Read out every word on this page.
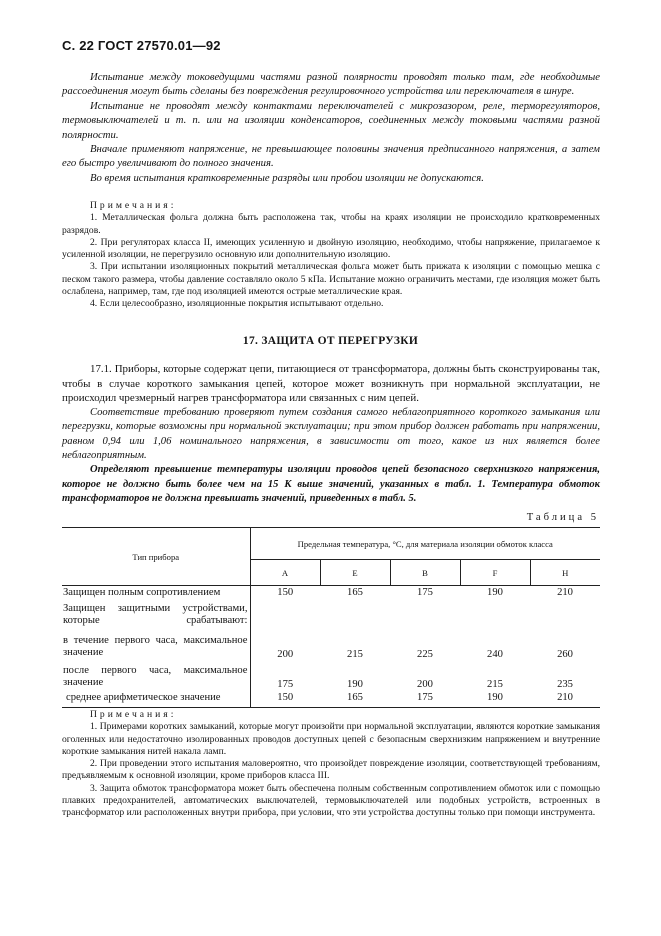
С. 22 ГОСТ 27570.01—92

Испытание между токоведущими частями разной полярности проводят только там, где необходимые рассоединения могут быть сделаны без повреждения регулировочного устройства или переключателя в шнуре.

Испытание не проводят между контактами переключателей с микрозазором, реле, терморегуляторов, термовыключателей и т. п. или на изоляции конденсаторов, соединенных между токовыми частями разной полярности.

Вначале применяют напряжение, не превышающее половины значения предписанного напряжения, а затем его быстро увеличивают до полного значения.

Во время испытания кратковременные разряды или пробои изоляции не допускаются.

Примечания:

1. Металлическая фольга должна быть расположена так, чтобы на краях изоляции не происходило кратковременных разрядов.

2. При регуляторах класса II, имеющих усиленную и двойную изоляцию, необходимо, чтобы напряжение, прилагаемое к усиленной изоляции, не перегрузило основную или дополнительную изоляцию.

3. При испытании изоляционных покрытий металлическая фольга может быть прижата к изоляции с помощью мешка с песком такого размера, чтобы давление составляло около 5 кПа. Испытание можно ограничить местами, где изоляция может быть ослаблена, например, там, где под изоляцией имеются острые металлические края.

4. Если целесообразно, изоляционные покрытия испытывают отдельно.

17. ЗАЩИТА ОТ ПЕРЕГРУЗКИ

17.1. Приборы, которые содержат цепи, питающиеся от трансформатора, должны быть сконструированы так, чтобы в случае короткого замыкания цепей, которое может возникнуть при нормальной эксплуатации, не происходил чрезмерный нагрев трансформатора или связанных с ним цепей.

Соответствие требованию проверяют путем создания самого неблагоприятного короткого замыкания или перегрузки, которые возможны при нормальной эксплуатации; при этом прибор должен работать при напряжении, равном 0,94 или 1,06 номинального напряжения, в зависимости от того, какое из них является более неблагоприятным.

Определяют превышение температуры изоляции проводов цепей безопасного сверхнизкого напряжения, которое не должно быть более чем на 15 К выше значений, указанных в табл. 1. Температура обмоток трансформаторов не должна превышать значений, приведенных в табл. 5.

Таблица 5
Тип прибора	Предельная температура, °С, для материала изоляции обмоток класса				
	A	E	B	F	H
Защищен полным сопротивлением	150	165	175	190	210
Защищен защитными устройствами, которые срабатывают:					
в течение первого часа, максимальное значение	200	215	225	240	260
после первого часа, максимальное значение	175	190	200	215	235
среднее арифметическое значение	150	165	175	190	210

Примечания:

1. Примерами коротких замыканий, которые могут произойти при нормальной эксплуатации, являются короткие замыкания оголенных или недостаточно изолированных проводов доступных цепей с безопасным сверхнизким напряжением и внутренние короткие замыкания нитей накала ламп.

2. При проведении этого испытания маловероятно, что произойдет повреждение изоляции, соответствующей требованиям, предъявляемым к основной изоляции, кроме приборов класса III.

3. Защита обмоток трансформатора может быть обеспечена полным собственным сопротивлением обмоток или с помощью плавких предохранителей, автоматических выключателей, термовыключателей или подобных устройств, встроенных в трансформатор или расположенных внутри прибора, при условии, что эти устройства доступны только при помощи инструмента.
